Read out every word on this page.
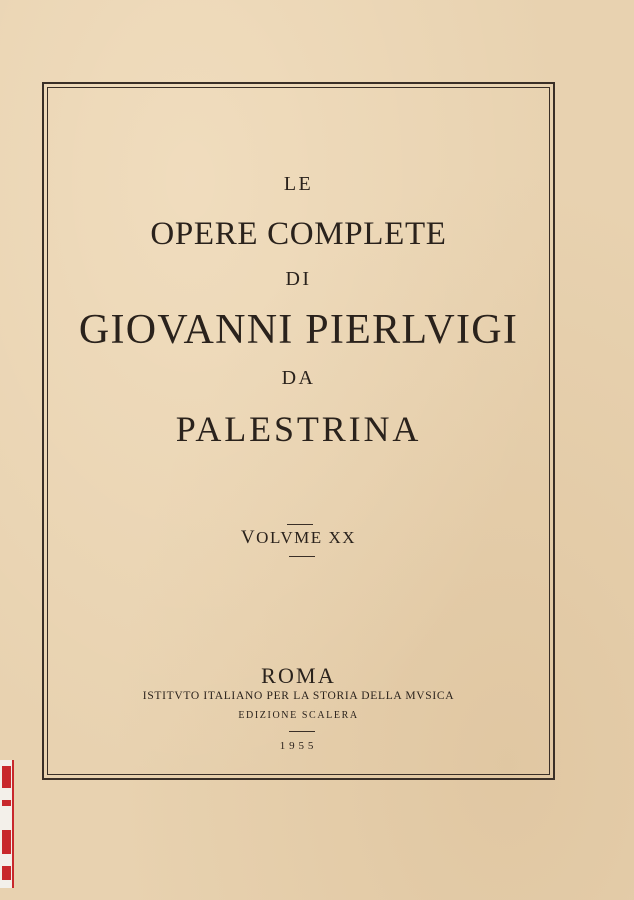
LE
OPERE COMPLETE
DI
GIOVANNI PIERLVIGI
DA
PALESTRINA
VOLVME XX
ROMA
ISTITVTO ITALIANO PER LA STORIA DELLA MVSICA
EDIZIONE SCALERA
1955
